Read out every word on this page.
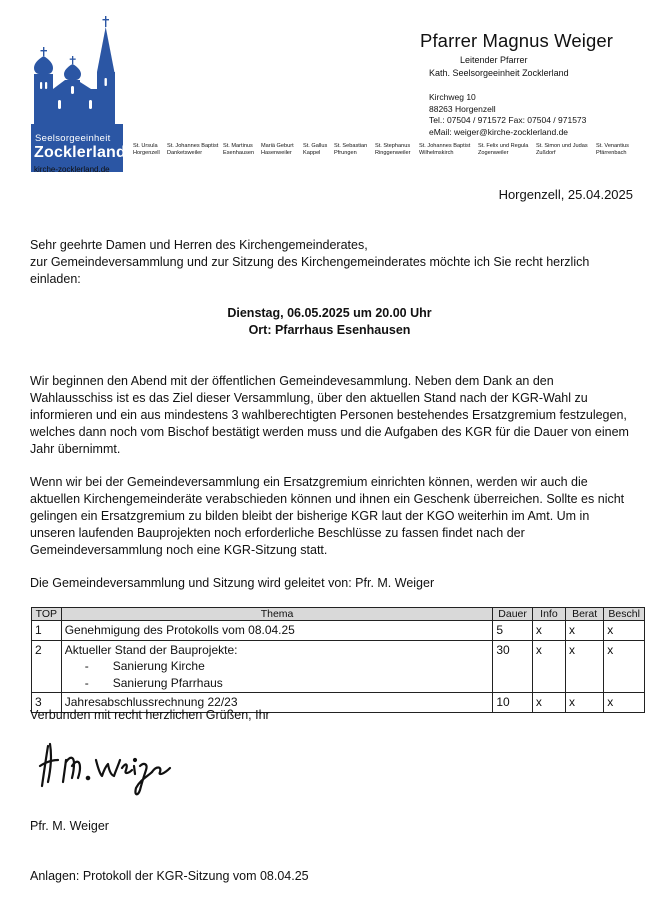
Seelsorgeeinheit
Zocklerland
kirche-zocklerland.de
Pfarrer Magnus Weiger
Leitender Pfarrer
Kath. Seelsorgeeinheit Zocklerland
Kirchweg 10
88263 Horgenzell
Tel.: 07504 / 971572 Fax: 07504 / 971573
eMail: weiger@kirche-zocklerland.de
St. Ursula
Horgenzell
St. Johannes Baptist
Danketsweiler
St. Martinus
Esenhausen
Mariä Geburt
Hasenweiler
St. Gallus
Kappel
St. Sebastian
Pfrungen
St. Stephanus
Ringgenweiler
St. Johannes Baptist
Wilhelmskirch
St. Felix und Regula
Zogenweiler
St. Simon und Judas
Zußdorf
St. Venantius
Pfärrenbach
Horgenzell, 25.04.2025
Sehr geehrte Damen und Herren des Kirchengemeinderates,
zur Gemeindeversammlung und zur Sitzung des Kirchengemeinderates möchte ich Sie recht herzlich
einladen:
Dienstag, 06.05.2025 um 20.00 Uhr
Ort: Pfarrhaus Esenhausen
Wir beginnen den Abend mit der öffentlichen Gemeindevesammlung. Neben dem Dank an den
Wahlausschiss ist es das Ziel dieser Versammlung, über den aktuellen Stand nach der KGR-Wahl zu
informieren und ein aus mindestens 3 wahlberechtigten Personen bestehendes Ersatzgremium festzulegen,
welches dann noch vom Bischof bestätigt werden muss und die Aufgaben des KGR für die Dauer von einem
Jahr übernimmt.
Wenn wir bei der Gemeindeversammlung ein Ersatzgremium einrichten können, werden wir auch die
aktuellen Kirchengemeinderäte verabschieden können und ihnen ein Geschenk überreichen. Sollte es nicht
gelingen ein Ersatzgremium zu bilden bleibt der bisherige KGR laut der KGO weiterhin im Amt. Um in
unseren laufenden Bauprojekten noch erforderliche Beschlüsse zu fassen findet nach der
Gemeindeversammlung noch eine KGR-Sitzung statt.
Die Gemeindeversammlung und Sitzung wird geleitet von: Pfr. M. Weiger
TOP	Thema	Dauer	Info	Berat	Beschl
1	Genehmigung des Protokolls vom 08.04.25	5	x	x	x
2	Aktueller Stand der Bauprojekte:
- Sanierung Kirche
- Sanierung Pfarrhaus	30	x	x	x
3	Jahresabschlussrechnung 22/23	10	x	x	x
Verbunden mit recht herzlichen Grüßen, Ihr
Pfr. M. Weiger
Anlagen: Protokoll der KGR-Sitzung vom 08.04.25
